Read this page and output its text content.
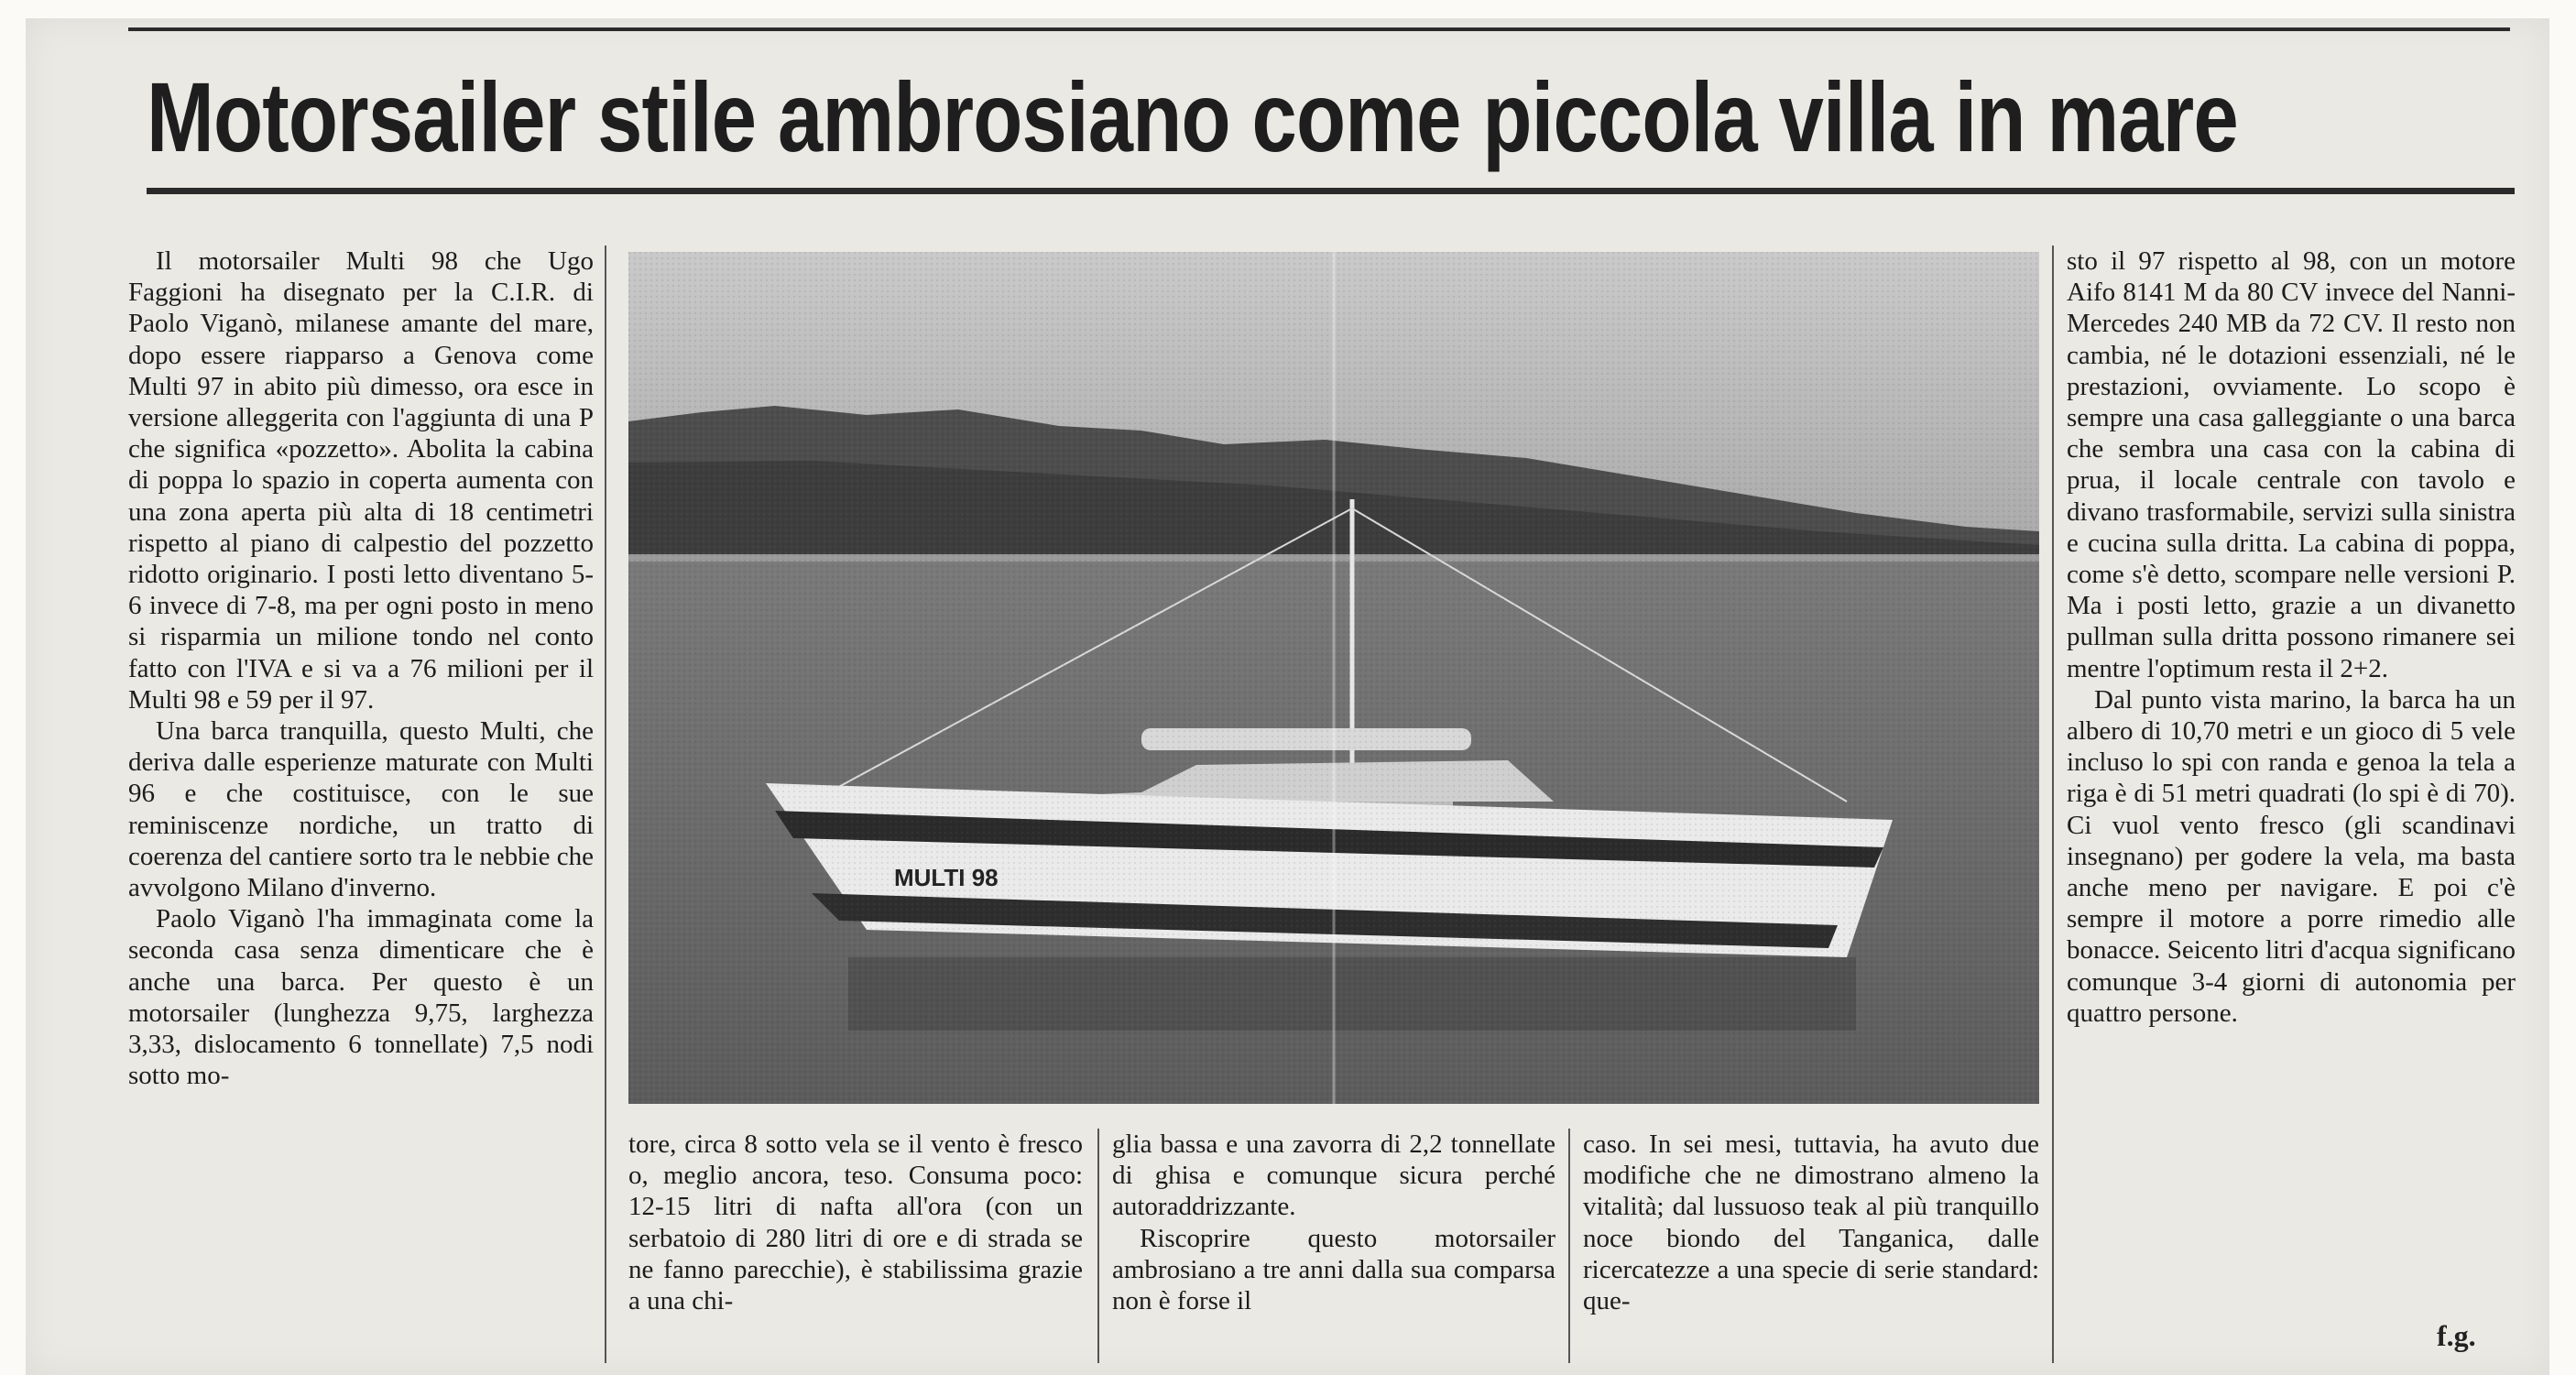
Motorsailer stile ambrosiano come piccola villa in mare

Il motorsailer Multi 98 che Ugo Faggioni ha disegnato per la C.I.R. di Paolo Viganò, milanese amante del mare, dopo essere riapparso a Genova come Multi 97 in abito più dimesso, ora esce in versione alleggerita con l'aggiunta di una P che significa «pozzetto». Abolita la cabina di poppa lo spazio in coperta aumenta con una zona aperta più alta di 18 centimetri rispetto al piano di calpestio del pozzetto ridotto originario. I posti letto diventano 5-6 invece di 7-8, ma per ogni posto in meno si risparmia un milione tondo nel conto fatto con l'IVA e si va a 76 milioni per il Multi 98 e 59 per il 97.

Una barca tranquilla, questo Multi, che deriva dalle esperienze maturate con Multi 96 e che costituisce, con le sue reminiscenze nordiche, un tratto di coerenza del cantiere sorto tra le nebbie che avvolgono Milano d'inverno.

Paolo Viganò l'ha immaginata come la seconda casa senza dimenticare che è anche una barca. Per questo è un motorsailer (lunghezza 9,75, larghezza 3,33, dislocamento 6 tonnellate) 7,5 nodi sotto mo-

tore, circa 8 sotto vela se il vento è fresco o, meglio ancora, teso. Consuma poco: 12-15 litri di nafta all'ora (con un serbatoio di 280 litri di ore e di strada se ne fanno parecchie), è stabilissima grazie a una chi-

glia bassa e una zavorra di 2,2 tonnellate di ghisa e comunque sicura perché autoraddrizzante.

Riscoprire questo motorsailer ambrosiano a tre anni dalla sua comparsa non è forse il

caso. In sei mesi, tuttavia, ha avuto due modifiche che ne dimostrano almeno la vitalità; dal lussuoso teak al più tranquillo noce biondo del Tanganica, dalle ricercatezze a una specie di serie standard: que-

sto il 97 rispetto al 98, con un motore Aifo 8141 M da 80 CV invece del Nanni-Mercedes 240 MB da 72 CV. Il resto non cambia, né le dotazioni essenziali, né le prestazioni, ovviamente. Lo scopo è sempre una casa galleggiante o una barca che sembra una casa con la cabina di prua, il locale centrale con tavolo e divano trasformabile, servizi sulla sinistra e cucina sulla dritta. La cabina di poppa, come s'è detto, scompare nelle versioni P. Ma i posti letto, grazie a un divanetto pullman sulla dritta possono rimanere sei mentre l'optimum resta il 2+2.

Dal punto vista marino, la barca ha un albero di 10,70 metri e un gioco di 5 vele incluso lo spi con randa e genoa la tela a riga è di 51 metri quadrati (lo spi è di 70). Ci vuol vento fresco (gli scandinavi insegnano) per godere la vela, ma basta anche meno per navigare. E poi c'è sempre il motore a porre rimedio alle bonacce. Seicento litri d'acqua significano comunque 3-4 giorni di autonomia per quattro persone.

f.g.
